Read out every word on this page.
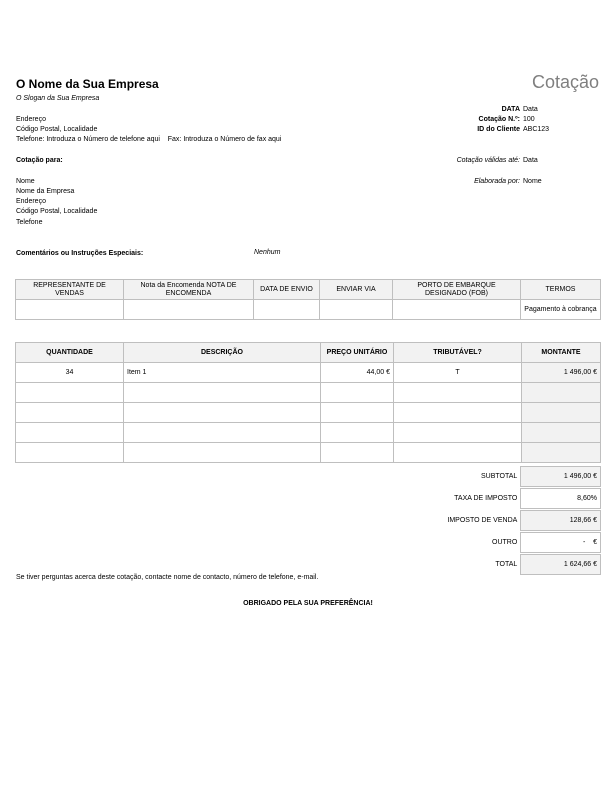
O Nome da Sua Empresa
O Slogan da Sua Empresa
Endereço
Código Postal, Localidade
Telefone: Introduza o Número de telefone aqui    Fax: Introduza o Número de fax aqui
Cotação
DATA Data
Cotação N.º: 100
ID do Cliente ABC123
Cotação válidas até: Data
Elaborada por: Nome
Cotação para:
Nome
Nome da Empresa
Endereço
Código Postal, Localidade
Telefone
Comentários ou Instruções Especiais:	Nenhum
REPRESENTANTE DE VENDAS	Nota da Encomenda NOTA DE ENCOMENDA	DATA DE ENVIO	ENVIAR VIA	PORTO DE EMBARQUE DESIGNADO (FOB)	TERMOS
					Pagamento à cobrança
QUANTIDADE	DESCRIÇÃO	PREÇO UNITÁRIO	TRIBUTÁVEL?	MONTANTE
34	Item 1	44,00 €	T	1 496,00 €

SUBTOTAL	1 496,00 €
TAXA DE IMPOSTO	8,60%
IMPOSTO DE VENDA	128,66 €
OUTRO	-    €
TOTAL	1 624,66 €
Se tiver perguntas acerca deste cotação, contacte nome de contacto, número de telefone, e-mail.
OBRIGADO PELA SUA PREFERÊNCIA!
